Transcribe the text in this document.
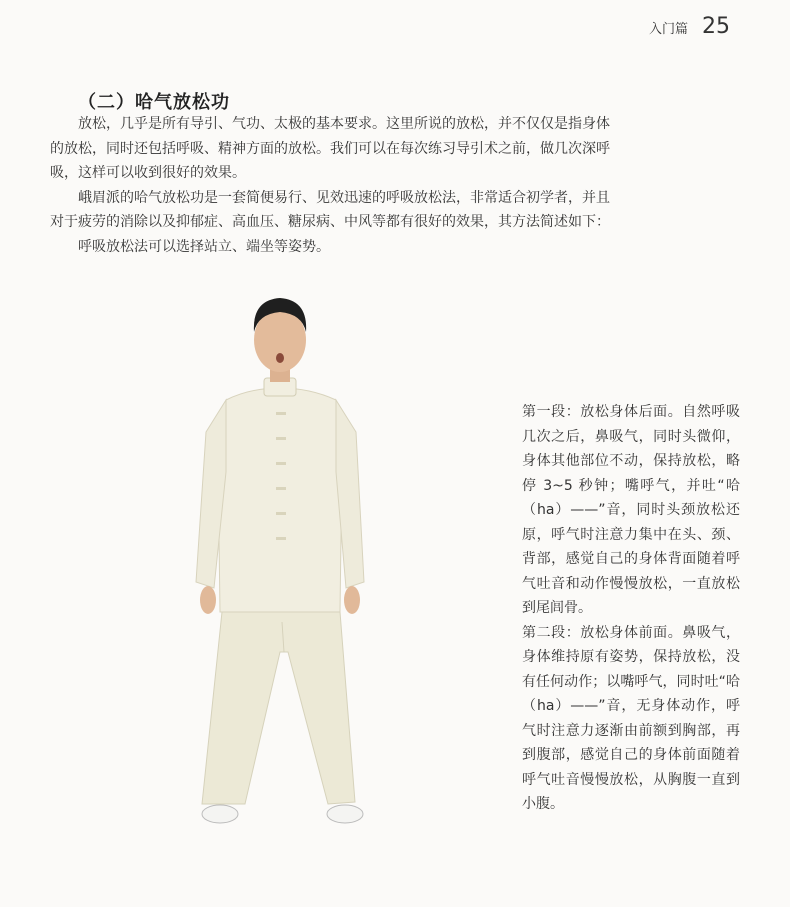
入门篇 25
（二）哈气放松功

放松，几乎是所有导引、气功、太极的基本要求。这里所说的放松，并不仅仅是指身体的放松，同时还包括呼吸、精神方面的放松。我们可以在每次练习导引术之前，做几次深呼吸，这样可以收到很好的效果。

峨眉派的哈气放松功是一套简便易行、见效迅速的呼吸放松法，非常适合初学者，并且对于疲劳的消除以及抑郁症、高血压、糖尿病、中风等都有很好的效果，其方法简述如下：

呼吸放松法可以选择站立、端坐等姿势。

第一段：放松身体后面。自然呼吸几次之后，鼻吸气，同时头微仰，身体其他部位不动，保持放松，略停 3~5 秒钟；嘴呼气，并吐“哈（ha）——”音，同时头颈放松还原，呼气时注意力集中在头、颈、背部，感觉自己的身体背面随着呼气吐音和动作慢慢放松，一直放松到尾闾骨。

第二段：放松身体前面。鼻吸气，身体维持原有姿势，保持放松，没有任何动作；以嘴呼气，同时吐“哈（ha）——”音，无身体动作，呼气时注意力逐渐由前额到胸部，再到腹部，感觉自己的身体前面随着呼气吐音慢慢放松，从胸腹一直到小腹。
